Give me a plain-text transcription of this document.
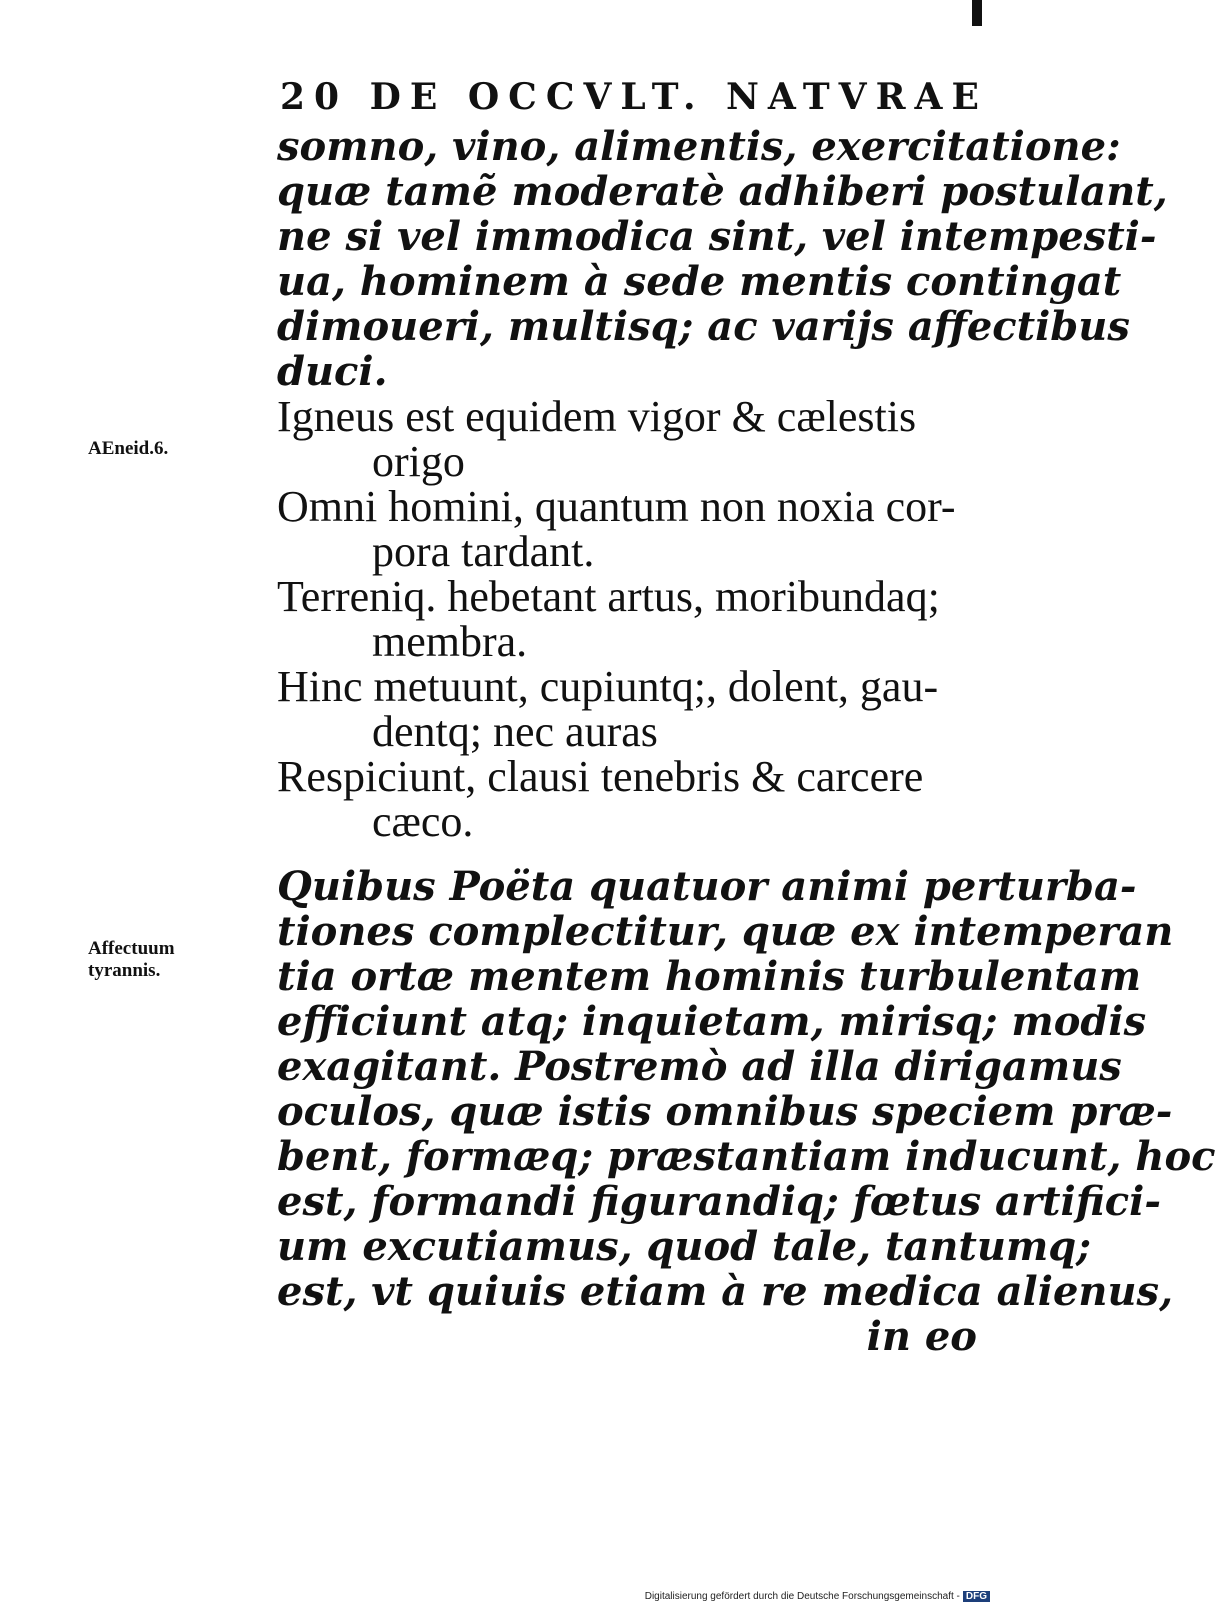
20 DE OCCVLT. NATVRAE
AEneid.6.
Affectuum
tyrannis.
somno, vino, alimentis, exercitatione:
quæ tamẽ moderatè adhiberi postulant,
ne si vel immodica sint, vel intempesti-
ua, hominem à sede mentis contingat
dimoueri, multisq; ac varijs affectibus
duci.
Igneus est equidem vigor & cælestis
origo
Omni homini, quantum non noxia cor-
pora tardant.
Terreniq. hebetant artus, moribundaq;
membra.
Hinc metuunt, cupiuntq;, dolent, gau-
dentq; nec auras
Respiciunt, clausi tenebris & carcere
cæco.
Quibus Poëta quatuor animi perturba-
tiones complectitur, quæ ex intemperan
tia ortæ mentem hominis turbulentam
efficiunt atq; inquietam, mirisq; modis
exagitant. Postremò ad illa dirigamus
oculos, quæ istis omnibus speciem præ-
bent, formæq; præstantiam inducunt, hoc
est, formandi figurandiq; fœtus artifici-
um excutiamus, quod tale, tantumq;
est, vt quiuis etiam à re medica alienus,
in eo
Digitalisierung gefördert durch die Deutsche Forschungsgemeinschaft - DFG
